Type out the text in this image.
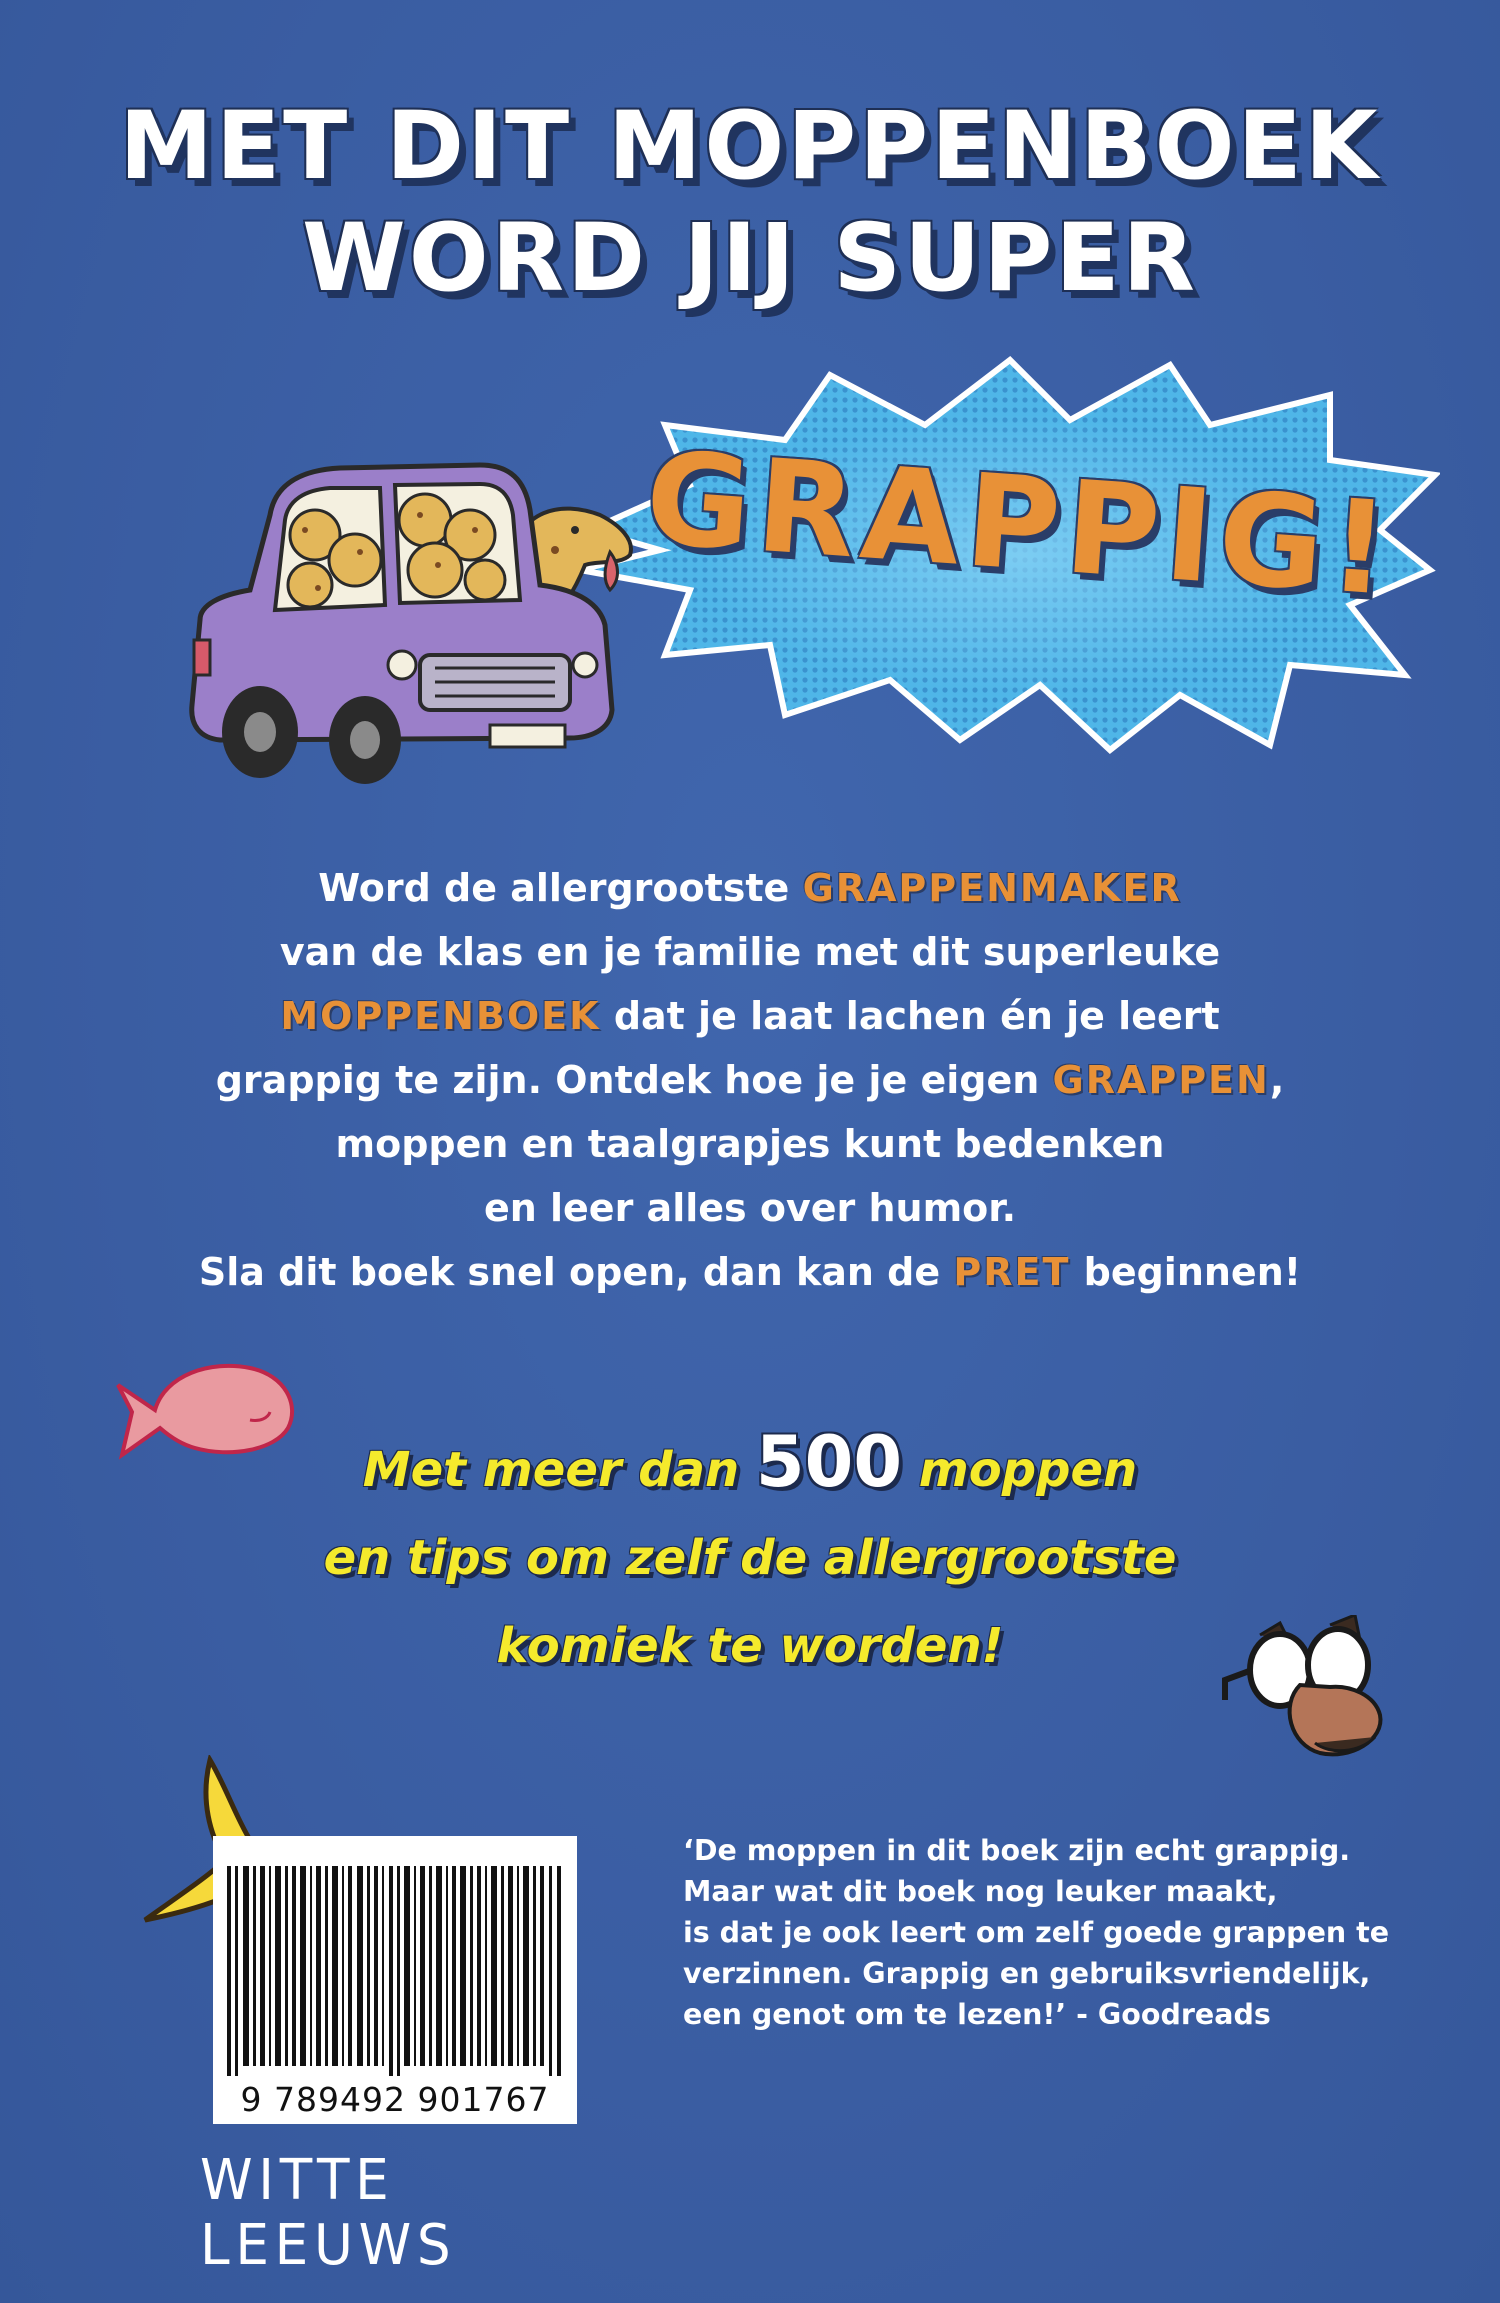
MET DIT MOPPENBOEK
WORD JIJ SUPER
GRAPPIG!
Word de allergrootste GRAPPENMAKER
van de klas en je familie met dit superleuke
MOPPENBOEK dat je laat lachen én je leert
grappig te zijn. Ontdek hoe je je eigen GRAPPEN,
moppen en taalgrapjes kunt bedenken
en leer alles over humor.
Sla dit boek snel open, dan kan de PRET beginnen!
Met meer dan 500 moppen
en tips om zelf de allergrootste
komiek te worden!
9 789492 901767
WITTE LEEUWS
‘De moppen in dit boek zijn echt grappig.
Maar wat dit boek nog leuker maakt,
is dat je ook leert om zelf goede grappen te
verzinnen. Grappig en gebruiksvriendelijk,
een genot om te lezen!’ - Goodreads
